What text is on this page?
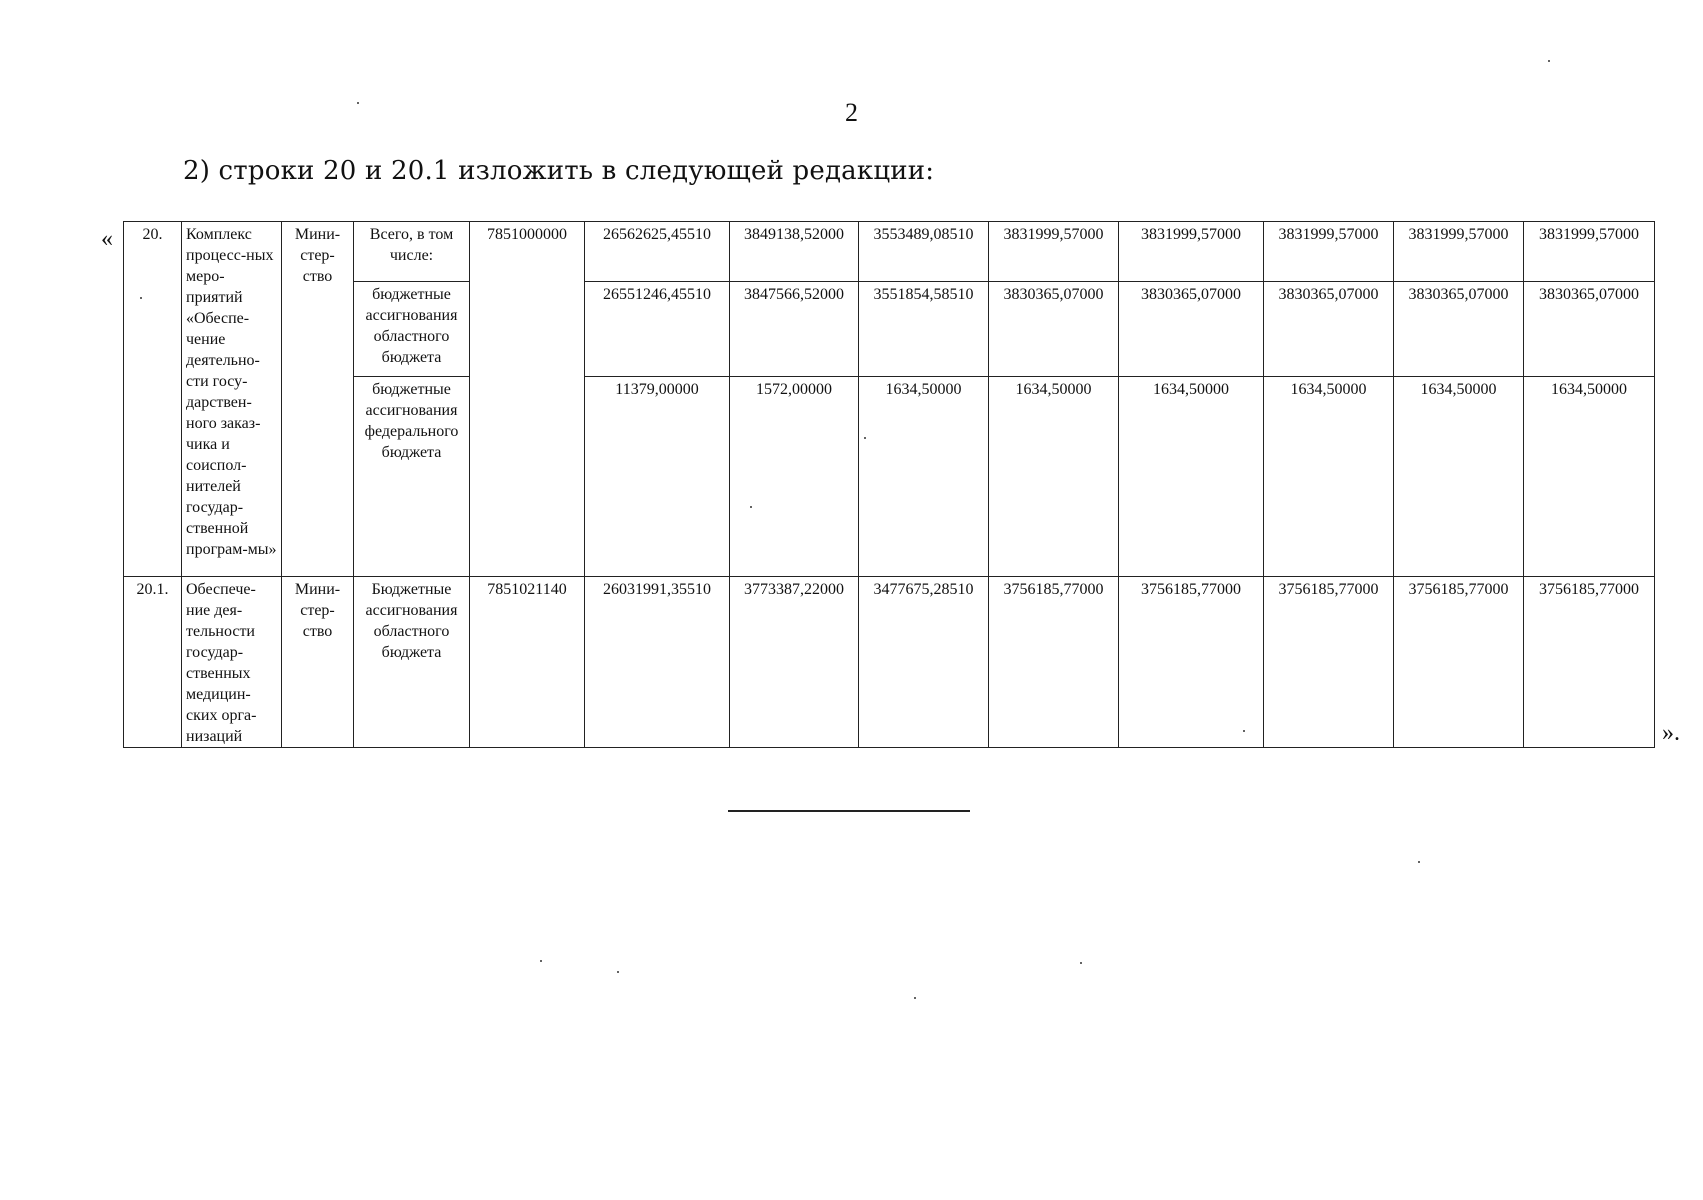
2
2) строки 20 и 20.1 изложить в следующей редакции:
«
».
20.	Комплекс процесс-ных меро-приятий «Обеспе-чение деятельно-сти госу-дарствен-ного заказ-чика и соиспол-нителей государ-ственной програм-мы»	Мини-стер-ство	Всего, в том числе:	7851000000	26562625,45510	3849138,52000	3553489,08510	3831999,57000	3831999,57000	3831999,57000	3831999,57000	3831999,57000
			бюджетные ассигнования областного бюджета		26551246,45510	3847566,52000	3551854,58510	3830365,07000	3830365,07000	3830365,07000	3830365,07000	3830365,07000
			бюджетные ассигнования федерального бюджета		11379,00000	1572,00000	1634,50000	1634,50000	1634,50000	1634,50000	1634,50000	1634,50000
20.1.	Обеспече-ние дея-тельности государ-ственных медицин-ских орга-низаций	Мини-стер-ство	Бюджетные ассигнования областного бюджета	7851021140	26031991,35510	3773387,22000	3477675,28510	3756185,77000	3756185,77000	3756185,77000	3756185,77000	3756185,77000
